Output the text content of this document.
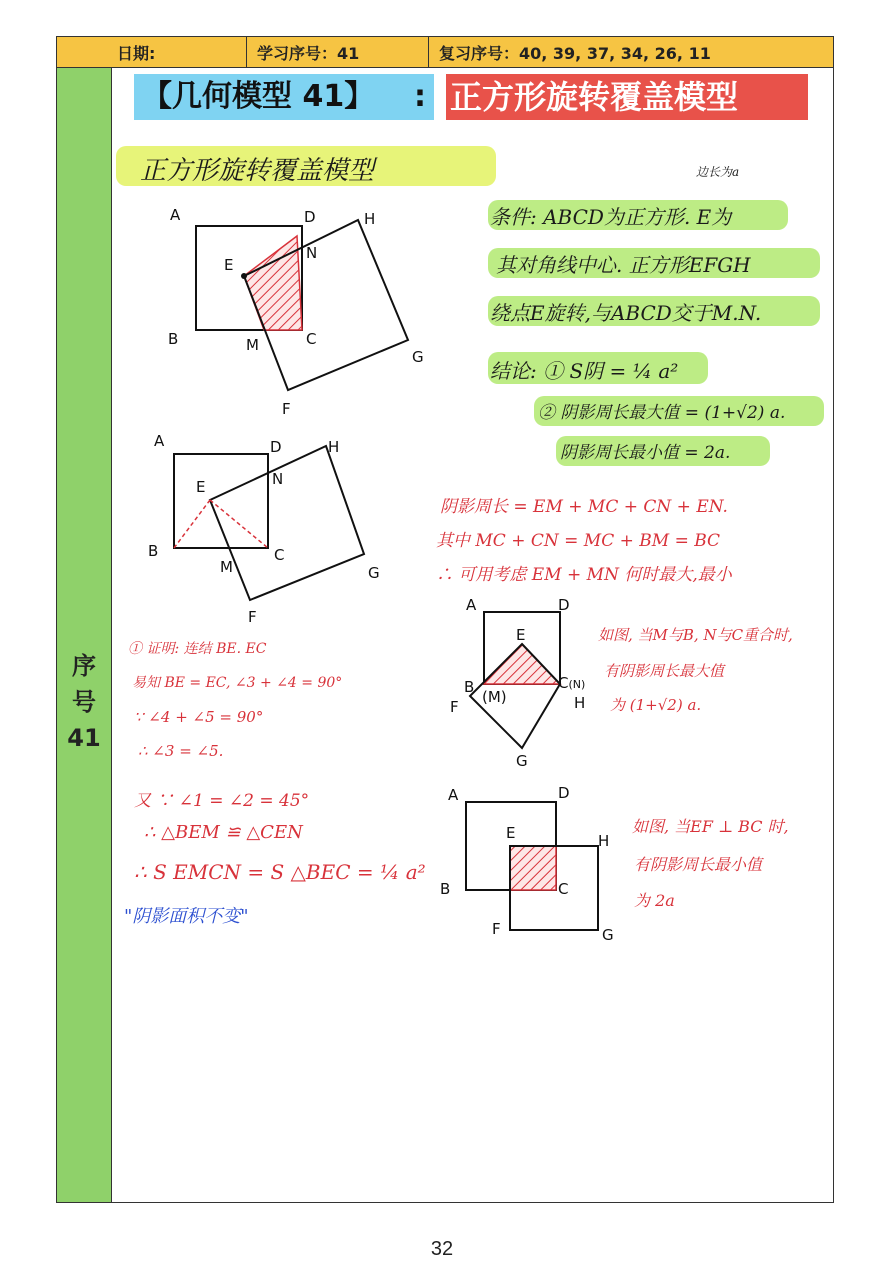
日期:	学习序号：41	复习序号：40, 39, 37, 34, 26, 11
序
号
41
【几何模型 41】	: 正方形旋转覆盖模型
正方形旋转覆盖模型	边长为a
条件: ABCD为正方形. E为
其对角线中心. 正方形EFGH
绕点E旋转,与ABCD交于M.N.
结论: ① S阴 = ¼ a²
② 阴影周长最大值 = (1+√2) a.
阴影周长最小值 = 2a.
阴影周长 = EM + MC + CN + EN.
其中 MC + CN = MC + BM = BC
∴ 可用考虑 EM + MN 何时最大,最小
① 证明: 连结 BE. EC
易知 BE = EC, ∠3 + ∠4 = 90°
∵ ∠4 + ∠5 = 90°
∴ ∠3 = ∠5.
又 ∵ ∠1 = ∠2 = 45°
∴ △BEM ≌ △CEN
∴ S EMCN = S △BEC = ¼ a²
"阴影面积不变"
如图, 当M与B, N与C重合时,
有阴影周长最大值
为 (1+√2) a.
如图, 当EF ⊥ BC 时,
有阴影周长最小值
为 2a
A	D	H
E
N
B	C
M
G
F
A	D	H
E	N
B	C
M	G
F
A	D
E
B
(M)
C(N)
F	H
G
A	D
E	H
B	C
F	G
32
